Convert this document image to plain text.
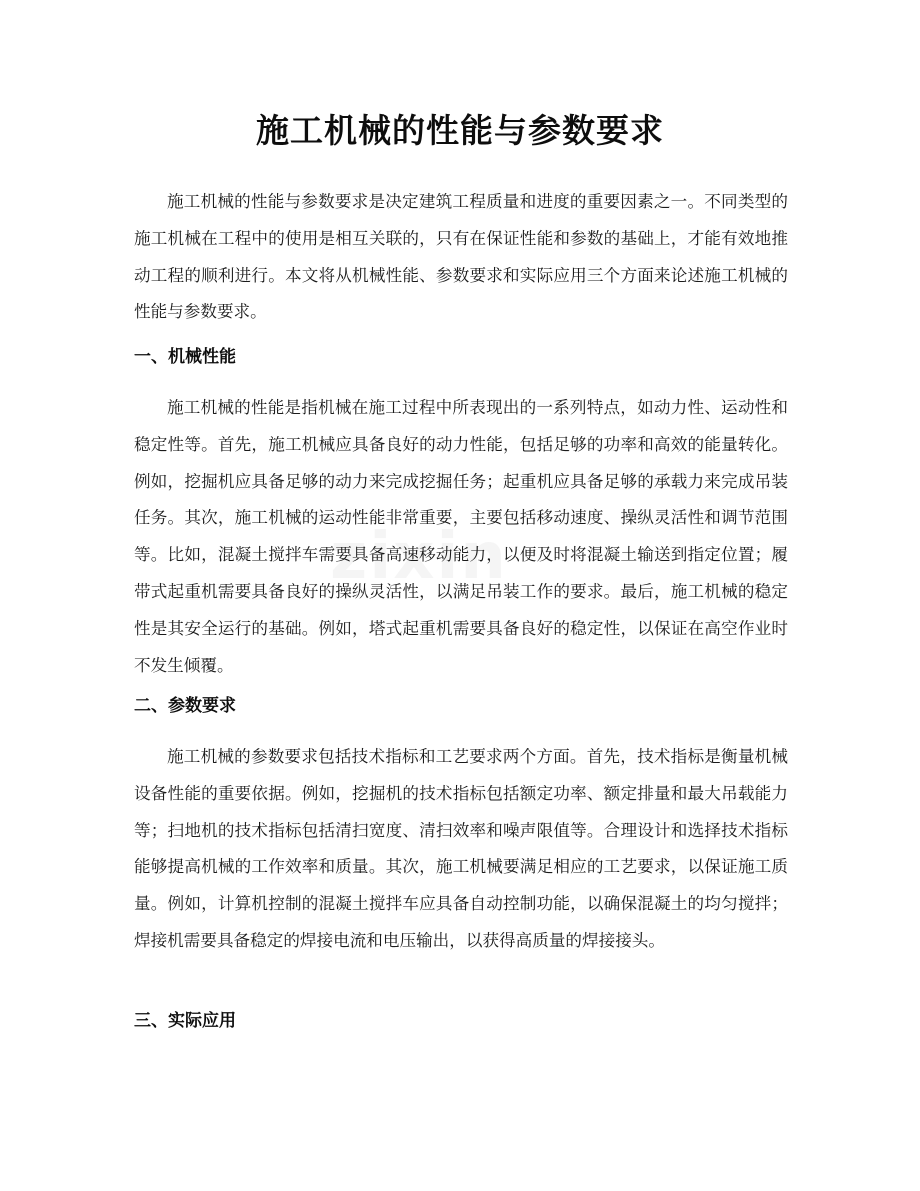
zixin
施工机械的性能与参数要求

施工机械的性能与参数要求是决定建筑工程质量和进度的重要因素之一。不同类型的施工机械在工程中的使用是相互关联的，只有在保证性能和参数的基础上，才能有效地推动工程的顺利进行。本文将从机械性能、参数要求和实际应用三个方面来论述施工机械的性能与参数要求。

一、机械性能

施工机械的性能是指机械在施工过程中所表现出的一系列特点，如动力性、运动性和稳定性等。首先，施工机械应具备良好的动力性能，包括足够的功率和高效的能量转化。例如，挖掘机应具备足够的动力来完成挖掘任务；起重机应具备足够的承载力来完成吊装任务。其次，施工机械的运动性能非常重要，主要包括移动速度、操纵灵活性和调节范围等。比如，混凝土搅拌车需要具备高速移动能力，以便及时将混凝土输送到指定位置；履带式起重机需要具备良好的操纵灵活性，以满足吊装工作的要求。最后，施工机械的稳定性是其安全运行的基础。例如，塔式起重机需要具备良好的稳定性，以保证在高空作业时不发生倾覆。

二、参数要求

施工机械的参数要求包括技术指标和工艺要求两个方面。首先，技术指标是衡量机械设备性能的重要依据。例如，挖掘机的技术指标包括额定功率、额定排量和最大吊载能力等；扫地机的技术指标包括清扫宽度、清扫效率和噪声限值等。合理设计和选择技术指标能够提高机械的工作效率和质量。其次，施工机械要满足相应的工艺要求，以保证施工质量。例如，计算机控制的混凝土搅拌车应具备自动控制功能，以确保混凝土的均匀搅拌；焊接机需要具备稳定的焊接电流和电压输出，以获得高质量的焊接接头。

三、实际应用
